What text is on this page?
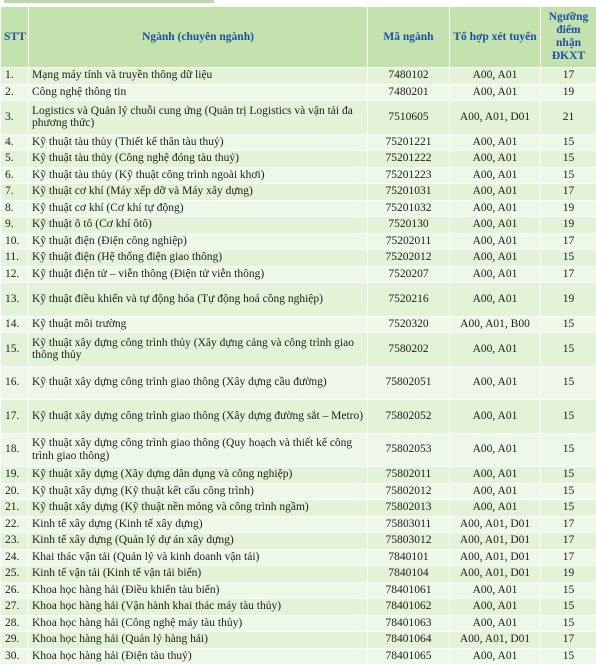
STT	Ngành (chuyên ngành)	Mã ngành	Tổ hợp xét tuyển	Ngưỡng điểm nhận ĐKXT
1.	Mạng máy tính và truyền thông dữ liệu	7480102	A00, A01	17
2.	Công nghệ thông tin	7480201	A00, A01	19
3.	Logistics và Quản lý chuỗi cung ứng (Quản trị Logistics và vận tải đa phương thức)	7510605	A00, A01, D01	21
4.	Kỹ thuật tàu thủy (Thiết kế thân tàu thuỷ)	75201221	A00, A01	15
5.	Kỹ thuật tàu thủy (Công nghệ đóng tàu thuỷ)	75201222	A00, A01	15
6.	Kỹ thuật tàu thủy (Kỹ thuật công trình ngoài khơi)	75201223	A00, A01	15
7.	Kỹ thuật cơ khí (Máy xếp dỡ và Máy xây dựng)	75201031	A00, A01	17
8.	Kỹ thuật cơ khí (Cơ khí tự động)	75201032	A00, A01	19
9.	Kỹ thuật ô tô (Cơ khí ôtô)	7520130	A00, A01	19
10.	Kỹ thuật điện (Điện công nghiệp)	75202011	A00, A01	17
11.	Kỹ thuật điện (Hệ thống điện giao thông)	75202012	A00, A01	15
12.	Kỹ thuật điện tử – viễn thông (Điện tử viễn thông)	7520207	A00, A01	17
13.	Kỹ thuật điều khiển và tự động hóa (Tự động hoá công nghiệp)	7520216	A00, A01	19
14.	Kỹ thuật môi trường	7520320	A00, A01, B00	15
15.	Kỹ thuật xây dựng công trình thủy (Xây dựng cảng và công trình giao thông thủy	7580202	A00, A01	15
16.	Kỹ thuật xây dựng công trình giao thông (Xây dựng cầu đường)	75802051	A00, A01	15
17.	Kỹ thuật xây dựng công trình giao thông (Xây dựng đường sắt – Metro)	75802052	A00, A01	15
18.	Kỹ thuật xây dựng công trình giao thông (Quy hoạch và thiết kế công trình giao thông)	75802053	A00, A01	15
19.	Kỹ thuật xây dựng (Xây dựng dân dụng và công nghiệp)	75802011	A00, A01	15
20.	Kỹ thuật xây dựng (Kỹ thuật kết cấu công trình)	75802012	A00, A01	15
21.	Kỹ thuật xây dựng (Kỹ thuật nền móng và công trình ngầm)	75802013	A00, A01	15
22.	Kinh tế xây dựng (Kinh tế xây dựng)	75803011	A00, A01, D01	17
23.	Kinh tế xây dựng (Quản lý dự án xây dựng)	75803012	A00, A01, D01	17
24.	Khai thác vận tải (Quản lý và kinh doanh vận tải)	7840101	A00, A01, D01	17
25.	Kinh tế vận tải (Kinh tế vận tải biển)	7840104	A00, A01, D01	19
26.	Khoa học hàng hải (Điều khiển tàu biển)	78401061	A00, A01	15
27.	Khoa học hàng hải (Vận hành khai thác máy tàu thủy)	78401062	A00, A01	15
28.	Khoa học hàng hải (Công nghệ máy tàu thủy)	78401063	A00, A01	15
29.	Khoa học hàng hải (Quản lý hàng hải)	78401064	A00, A01, D01	17
30.	Khoa học hàng hải (Điện tàu thuỷ)	78401065	A00, A01	15
